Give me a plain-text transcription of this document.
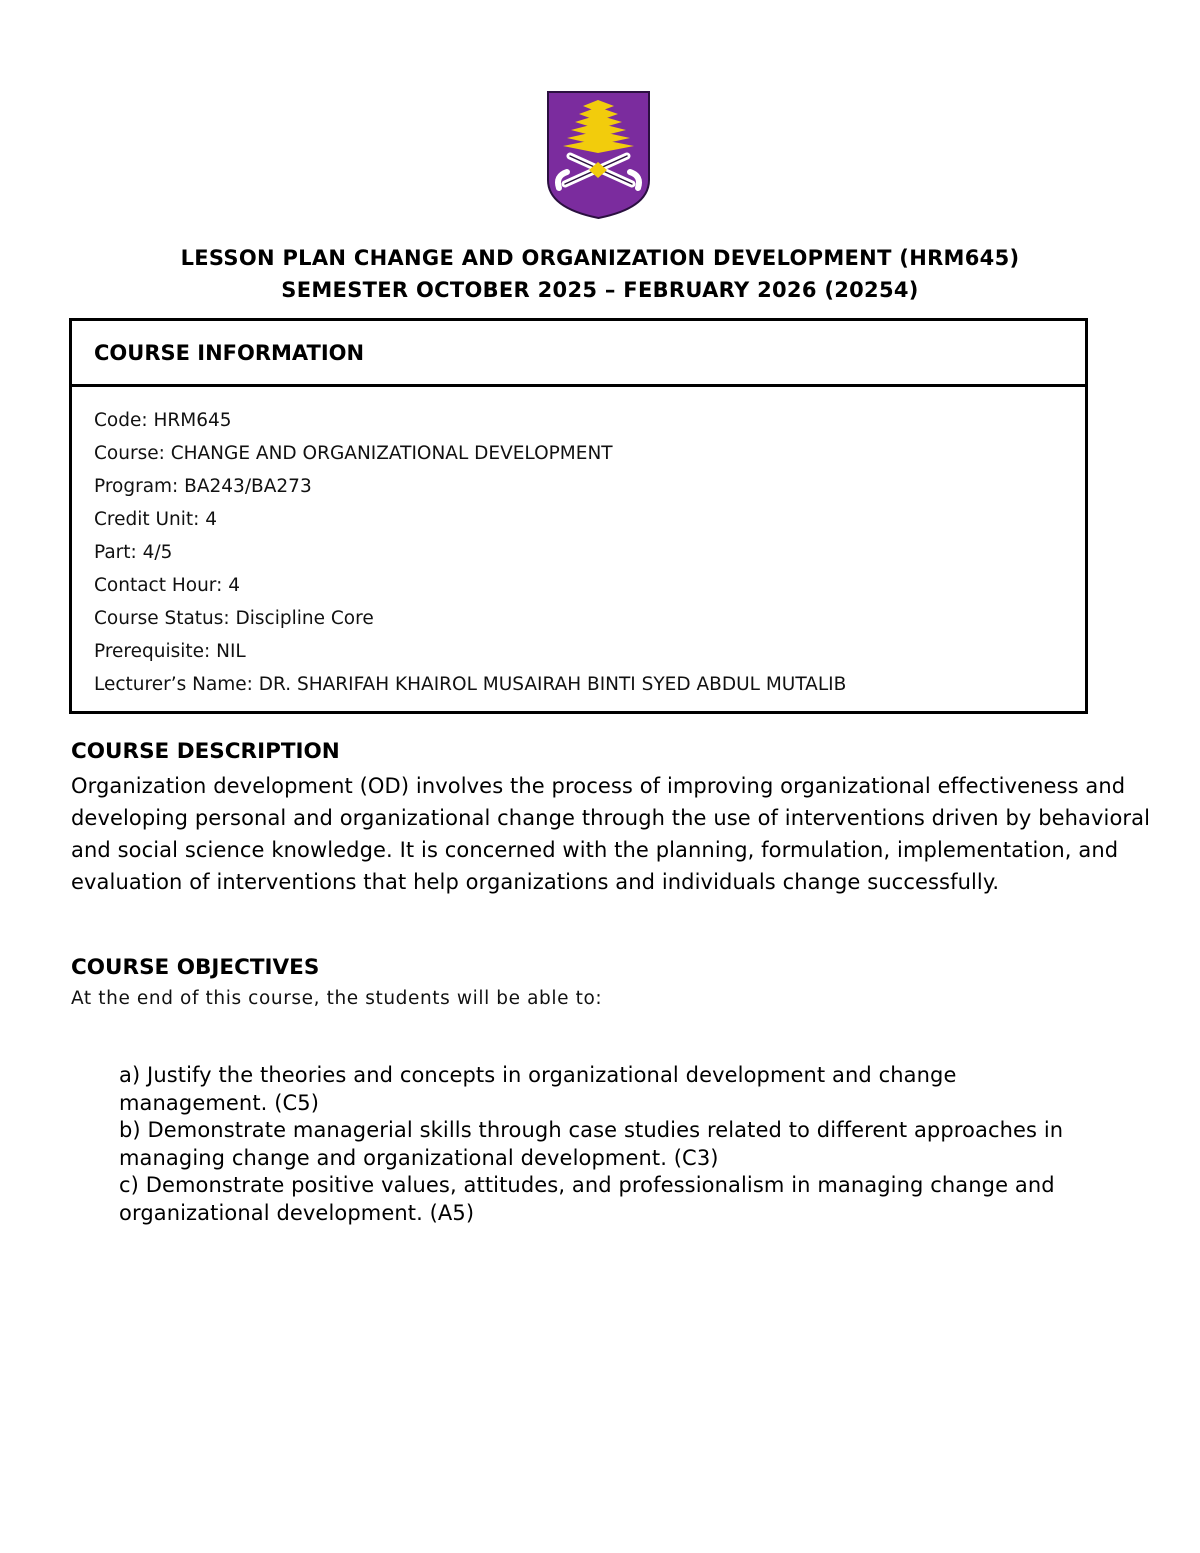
LESSON PLAN CHANGE AND ORGANIZATION DEVELOPMENT (HRM645)
SEMESTER OCTOBER 2025 – FEBRUARY 2026 (20254)
COURSE INFORMATION
Code: HRM645
Course: CHANGE AND ORGANIZATIONAL DEVELOPMENT
Program: BA243/BA273
Credit Unit: 4
Part: 4/5
Contact Hour: 4
Course Status: Discipline Core
Prerequisite: NIL
Lecturer’s Name: DR. SHARIFAH KHAIROL MUSAIRAH BINTI SYED ABDUL MUTALIB
COURSE DESCRIPTION
Organization development (OD) involves the process of improving organizational effectiveness and developing personal and organizational change through the use of interventions driven by behavioral and social science knowledge. It is concerned with the planning, formulation, implementation, and evaluation of interventions that help organizations and individuals change successfully.
COURSE OBJECTIVES
At the end of this course, the students will be able to:

a) Justify the theories and concepts in organizational development and change management. (C5)

b) Demonstrate managerial skills through case studies related to different approaches in managing change and organizational development. (C3)

c) Demonstrate positive values, attitudes, and professionalism in managing change and organizational development. (A5)
